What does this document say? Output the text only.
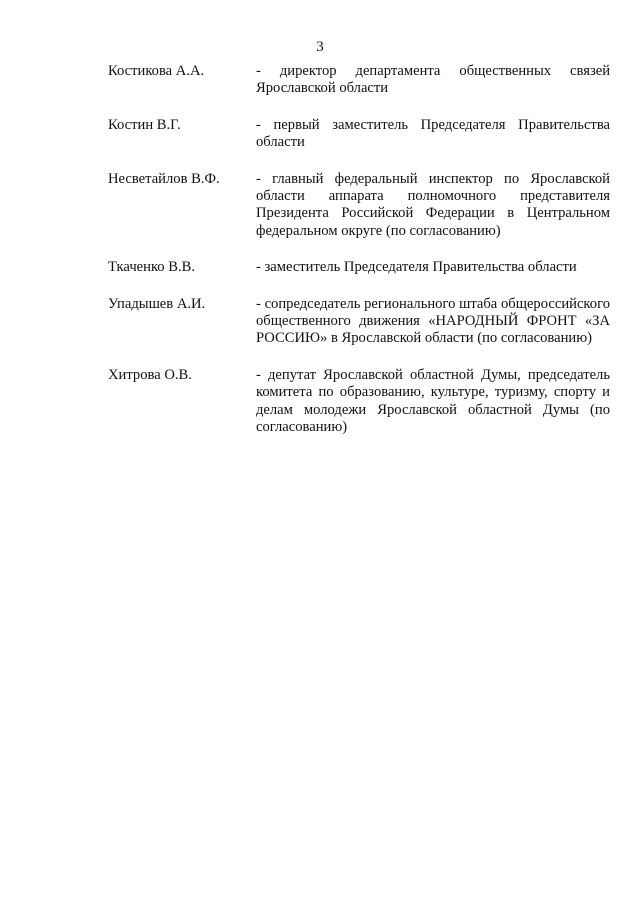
3
Костикова А.А.	- директор департамента общественных связей Ярославской области
Костин В.Г.	- первый заместитель Председателя Правительства области
Несветайлов В.Ф.	- главный федеральный инспектор по Ярославской области аппарата полномочного представителя Президента Российской Федерации в Центральном федеральном округе (по согласованию)
Ткаченко В.В.	- заместитель Председателя Правительства области
Упадышев А.И.	- сопредседатель регионального штаба общероссийского общественного движения «НАРОДНЫЙ ФРОНТ «ЗА РОССИЮ» в Ярославской области (по согласованию)
Хитрова О.В.	- депутат Ярославской областной Думы, председатель комитета по образованию, культуре, туризму, спорту и делам молодежи Ярославской областной Думы (по согласованию)
